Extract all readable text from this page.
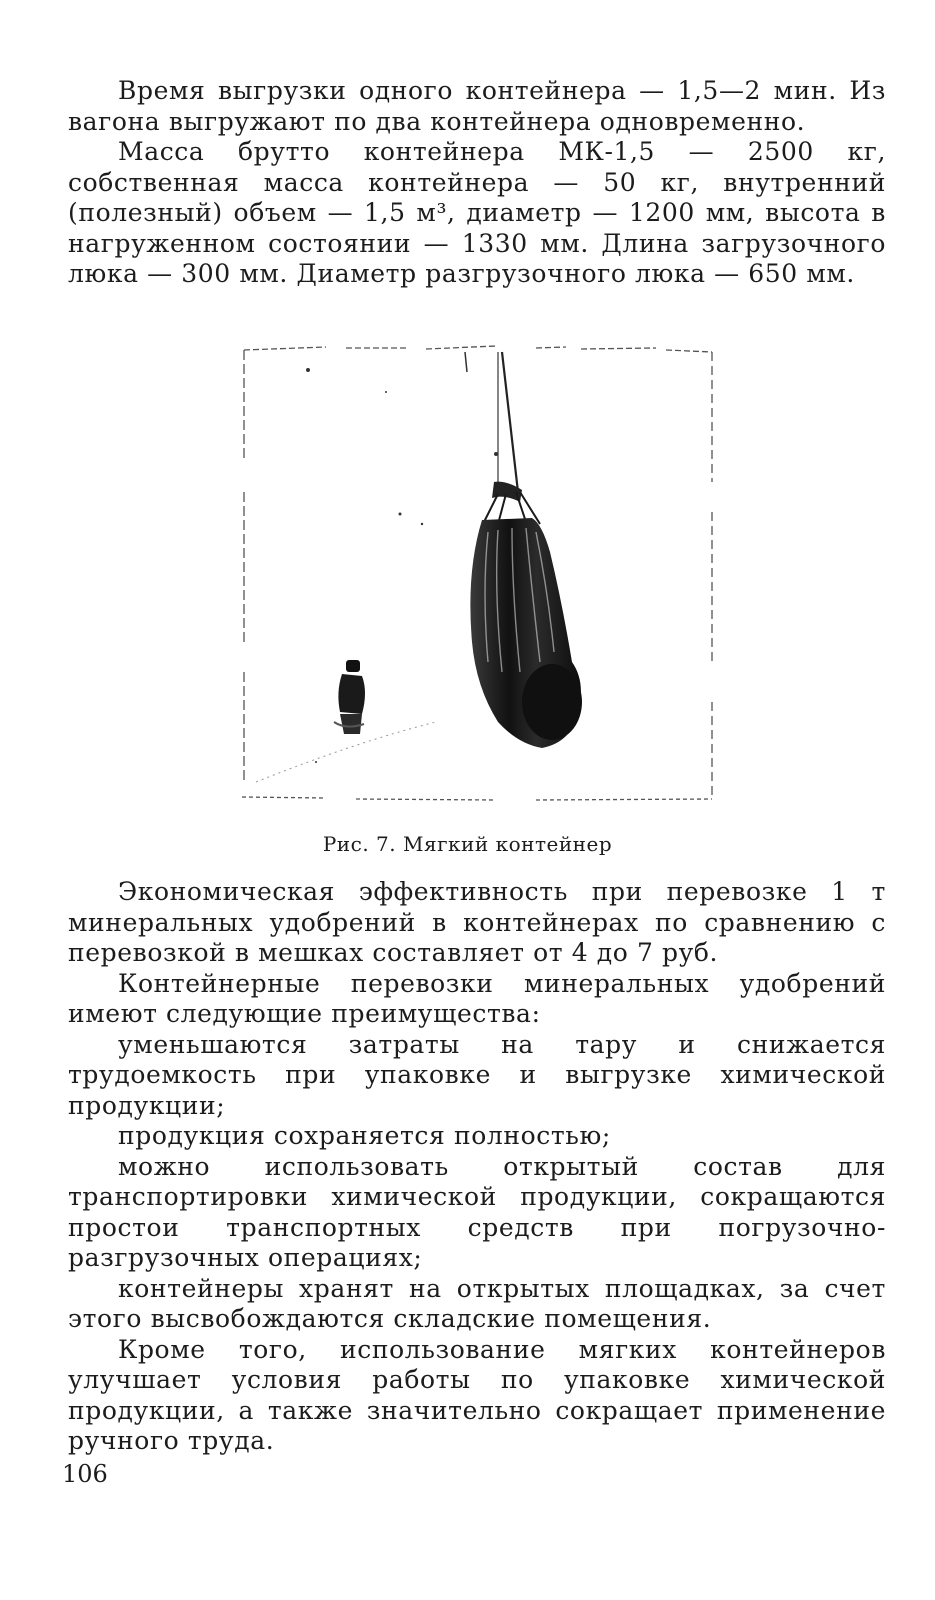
Время выгрузки одного контейнера — 1,5—2 мин. Из вагона выгружают по два контейнера одновременно.

Масса брутто контейнера МК-1,5 — 2500 кг, собственная масса контейнера — 50 кг, внутренний (полезный) объем — 1,5 м³, диаметр — 1200 мм, высота в нагруженном состоянии — 1330 мм. Длина загрузочного люка — 300 мм. Диаметр разгрузочного люка — 650 мм.

Рис. 7. Мягкий контейнер

Экономическая эффективность при перевозке 1 т минеральных удобрений в контейнерах по сравнению с перевозкой в мешках составляет от 4 до 7 руб.

Контейнерные перевозки минеральных удобрений имеют следующие преимущества:

уменьшаются затраты на тару и снижается трудоемкость при упаковке и выгрузке химической продукции;

продукция сохраняется полностью;

можно использовать открытый состав для транспортировки химической продукции, сокращаются простои транспортных средств при погрузочно-разгрузочных операциях;

контейнеры хранят на открытых площадках, за счет этого высвобождаются складские помещения.

Кроме того, использование мягких контейнеров улучшает условия работы по упаковке химической продукции, а также значительно сокращает применение ручного труда.

106
